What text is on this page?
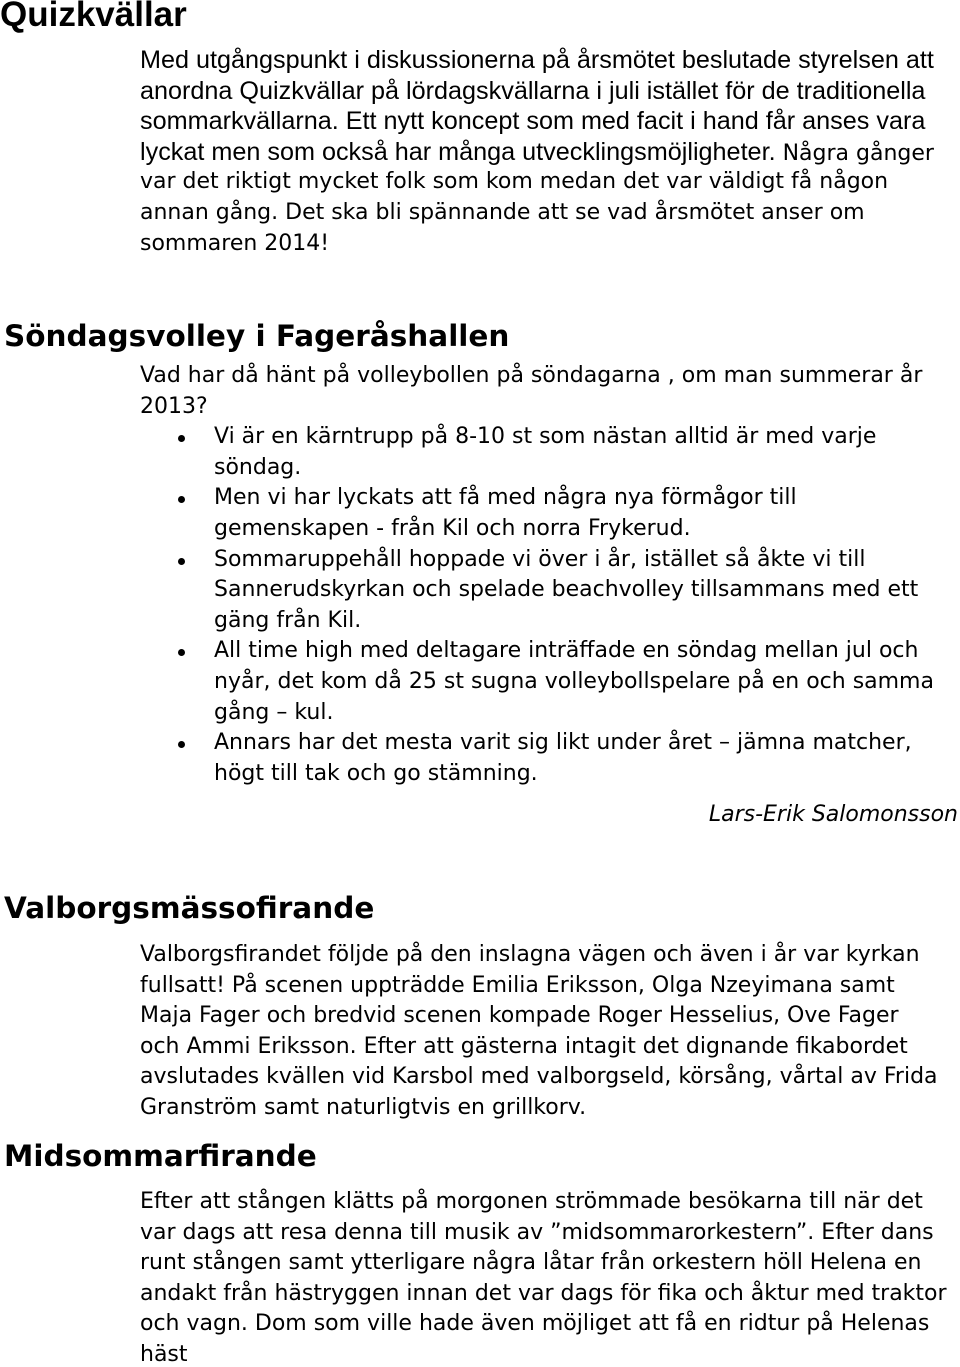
Quizkvällar
Med utgångspunkt i diskussionerna på årsmötet beslutade styrelsen att
anordna Quizkvällar på lördagskvällarna i juli istället för de traditionella
sommarkvällarna. Ett nytt koncept som med facit i hand får anses vara
lyckat men som också har många utvecklingsmöjligheter. Några gånger
var det riktigt mycket folk som kom medan det var väldigt få någon
annan gång. Det ska bli spännande att se vad årsmötet anser om
sommaren 2014!
Söndagsvolley i Fageråshallen
Vad har då hänt på volleybollen på söndagarna , om man summerar år
2013?
Vi är en kärntrupp på 8-10 st som nästan alltid är med varje
söndag.
Men vi har lyckats att få med några nya förmågor till
gemenskapen - från Kil och norra Frykerud.
Sommaruppehåll hoppade vi över i år, istället så åkte vi till
Sannerudskyrkan och spelade beachvolley tillsammans med ett
gäng från Kil.
All time high med deltagare inträffade en söndag mellan jul och
nyår, det kom då 25 st sugna volleybollspelare på en och samma
gång – kul.
Annars har det mesta varit sig likt under året – jämna matcher,
högt till tak och go stämning.
Lars-Erik Salomonsson
Valborgsmässofirande
Valborgsfirandet följde på den inslagna vägen och även i år var kyrkan
fullsatt! På scenen uppträdde Emilia Eriksson, Olga Nzeyimana samt
Maja Fager och bredvid scenen kompade Roger Hesselius, Ove Fager
och Ammi Eriksson. Efter att gästerna intagit det dignande fikabordet
avslutades kvällen vid Karsbol med valborgseld, körsång, vårtal av Frida
Granström samt naturligtvis en grillkorv.
Midsommarfirande
Efter att stången klätts på morgonen strömmade besökarna till när det
var dags att resa denna till musik av ”midsommarorkestern”. Efter dans
runt stången samt ytterligare några låtar från orkestern höll Helena en
andakt från hästryggen innan det var dags för fika och åktur med traktor
och vagn. Dom som ville hade även möjliget att få en ridtur på Helenas
häst
